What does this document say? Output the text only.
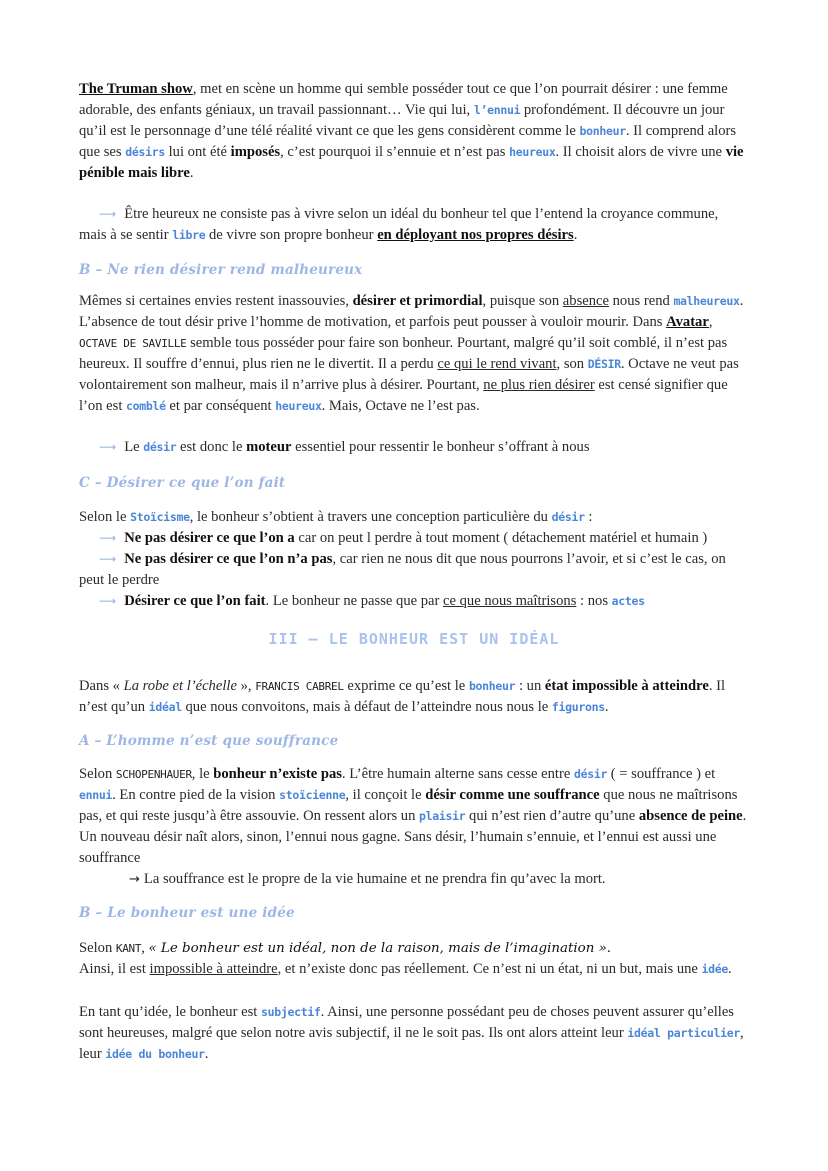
The Truman show, met en scène un homme qui semble posséder tout ce que l’on pourrait désirer : une femme adorable, des enfants géniaux, un travail passionnant… Vie qui lui, l’ennui profondément. Il découvre un jour qu’il est le personnage d’une télé réalité vivant ce que les gens considèrent comme le bonheur. Il comprend alors que ses désirs lui ont été imposés, c’est pourquoi il s’ennuie et n’est pas heureux. Il choisit alors de vivre une vie pénible mais libre.

⟶ Être heureux ne consiste pas à vivre selon un idéal du bonheur tel que l’entend la croyance commune, mais à se sentir libre de vivre son propre bonheur en déployant nos propres désirs.

B – Ne rien désirer rend malheureux

Mêmes si certaines envies restent inassouvies, désirer et primordial, puisque son absence nous rend malheureux. L’absence de tout désir prive l’homme de motivation, et parfois peut pousser à vouloir mourir. Dans Avatar, OCTAVE DE SAVILLE semble tous posséder pour faire son bonheur. Pourtant, malgré qu’il soit comblé, il n’est pas heureux. Il souffre d’ennui, plus rien ne le divertit. Il a perdu ce qui le rend vivant, son DÉSIR. Octave ne veut pas volontairement son malheur, mais il n’arrive plus à désirer. Pourtant, ne plus rien désirer est censé signifier que l’on est comblé et par conséquent heureux. Mais, Octave ne l’est pas.

⟶ Le désir est donc le moteur essentiel pour ressentir le bonheur s’offrant à nous

C – Désirer ce que l’on fait

Selon le Stoïcisme, le bonheur s’obtient à travers une conception particulière du désir :

⟶ Ne pas désirer ce que l’on a car on peut l perdre à tout moment ( détachement matériel et humain )

⟶ Ne pas désirer ce que l’on n’a pas, car rien ne nous dit que nous pourrons l’avoir, et si c’est le cas, on peut le perdre

⟶ Désirer ce que l’on fait. Le bonheur ne passe que par ce que nous maîtrisons : nos actes

III – LE BONHEUR EST UN IDÉAL

Dans « La robe et l’échelle », FRANCIS CABREL exprime ce qu’est le bonheur : un état impossible à atteindre. Il n’est qu’un idéal que nous convoitons, mais à défaut de l’atteindre nous nous le figurons.

A – L’homme n’est que souffrance

Selon SCHOPENHAUER, le bonheur n’existe pas. L’être humain alterne sans cesse entre désir ( = souffrance ) et ennui. En contre pied de la vision stoïcienne, il conçoit le désir comme une souffrance que nous ne maîtrisons pas, et qui reste jusqu’à être assouvie. On ressent alors un plaisir qui n’est rien d’autre qu’une absence de peine. Un nouveau désir naît alors, sinon, l’ennui nous gagne. Sans désir, l’humain s’ennuie, et l’ennui est aussi une souffrance

→ La souffrance est le propre de la vie humaine et ne prendra fin qu’avec la mort.

B – Le bonheur est une idée

Selon KANT, « Le bonheur est un idéal, non de la raison, mais de l’imagination ».

Ainsi, il est impossible à atteindre, et n’existe donc pas réellement. Ce n’est ni un état, ni un but, mais une idée.

En tant qu’idée, le bonheur est subjectif. Ainsi, une personne possédant peu de choses peuvent assurer qu’elles sont heureuses, malgré que selon notre avis subjectif, il ne le soit pas. Ils ont alors atteint leur idéal particulier, leur idée du bonheur.
